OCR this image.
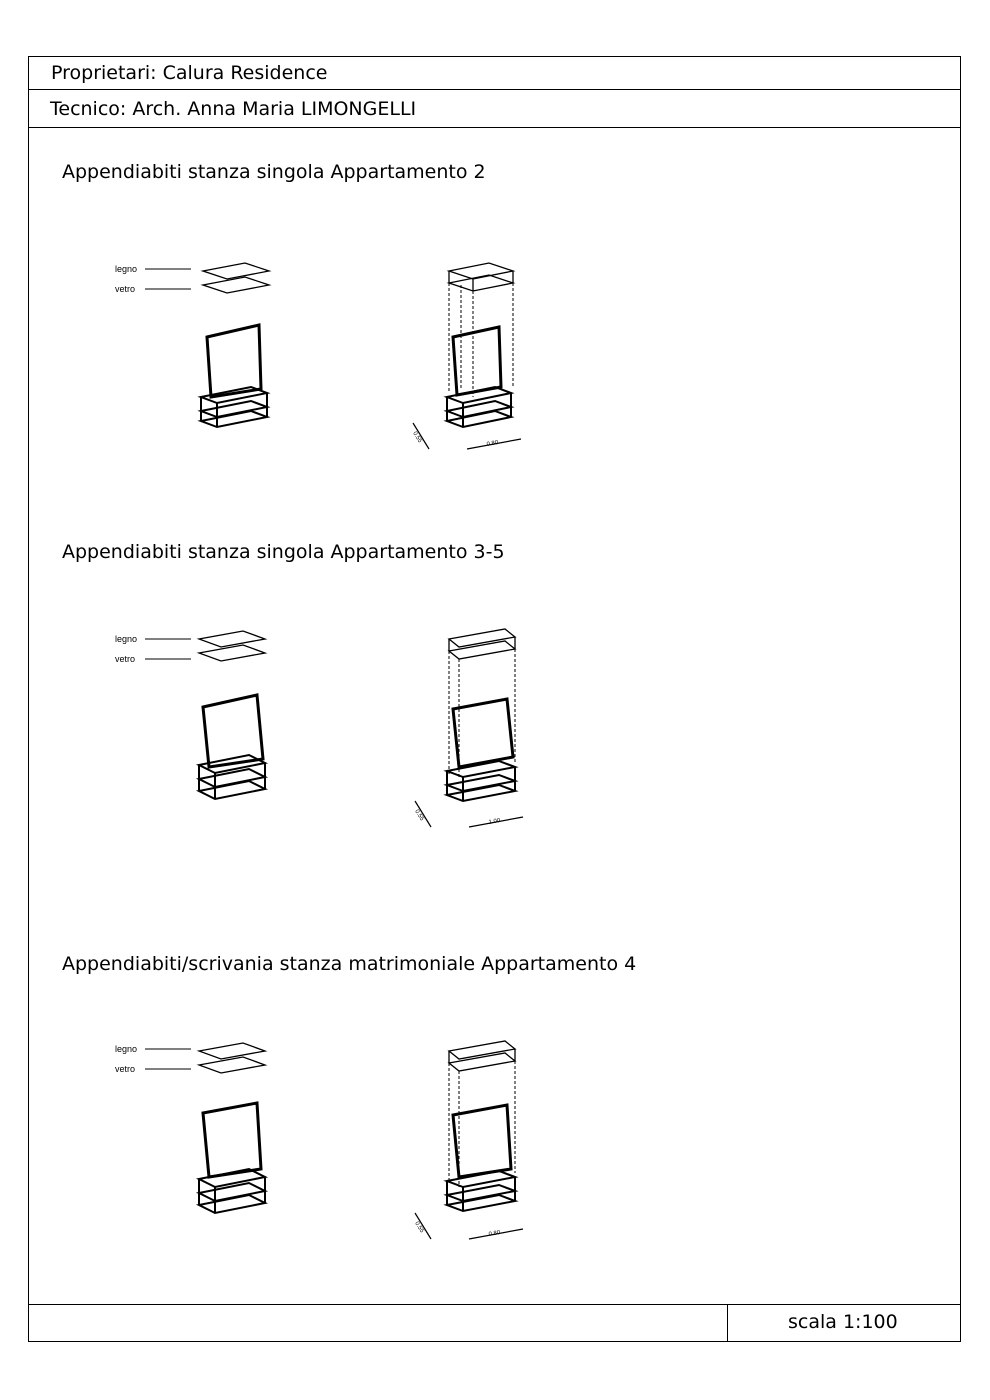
Proprietari: Calura Residence
Tecnico: Arch. Anna Maria LIMONGELLI
Appendiabiti stanza singola Appartamento 2
legno
vetro
0.55
0.80
Appendiabiti stanza singola Appartamento 3-5
legno
vetro
0.55
1.00
Appendiabiti/scrivania stanza matrimoniale Appartamento 4
legno
vetro
0.55
0.80
scala 1:100
